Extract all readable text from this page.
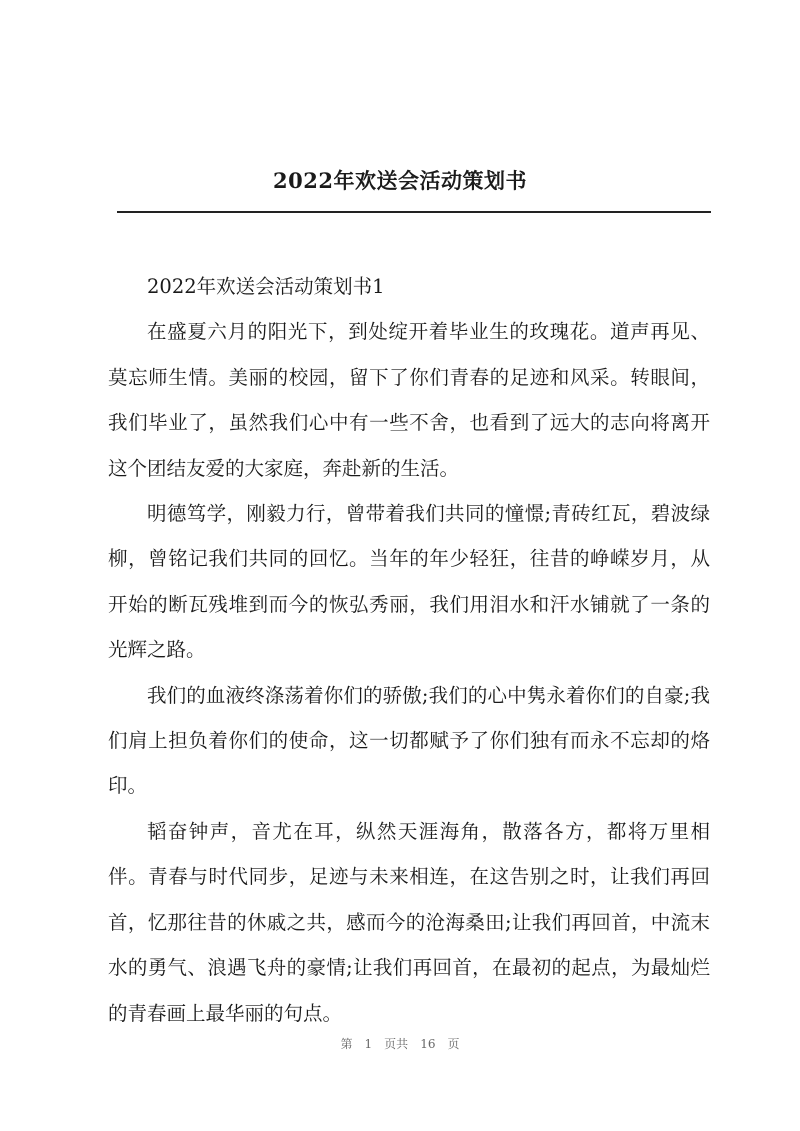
2022年欢送会活动策划书

2022年欢送会活动策划书1

在盛夏六月的阳光下，到处绽开着毕业生的玫瑰花。道声再见、莫忘师生情。美丽的校园，留下了你们青春的足迹和风采。转眼间，我们毕业了，虽然我们心中有一些不舍，也看到了远大的志向将离开这个团结友爱的大家庭，奔赴新的生活。

明德笃学，刚毅力行，曾带着我们共同的憧憬;青砖红瓦，碧波绿柳，曾铭记我们共同的回忆。当年的年少轻狂，往昔的峥嵘岁月，从开始的断瓦残堆到而今的恢弘秀丽，我们用泪水和汗水铺就了一条的光辉之路。

我们的血液终涤荡着你们的骄傲;我们的心中隽永着你们的自豪;我们肩上担负着你们的使命，这一切都赋予了你们独有而永不忘却的烙印。

韬奋钟声，音尤在耳，纵然天涯海角，散落各方，都将万里相伴。青春与时代同步，足迹与未来相连，在这告别之时，让我们再回首，忆那往昔的休戚之共，感而今的沧海桑田;让我们再回首，中流末水的勇气、浪遇飞舟的豪情;让我们再回首，在最初的起点，为最灿烂的青春画上最华丽的句点。

第 1 页共 16 页
